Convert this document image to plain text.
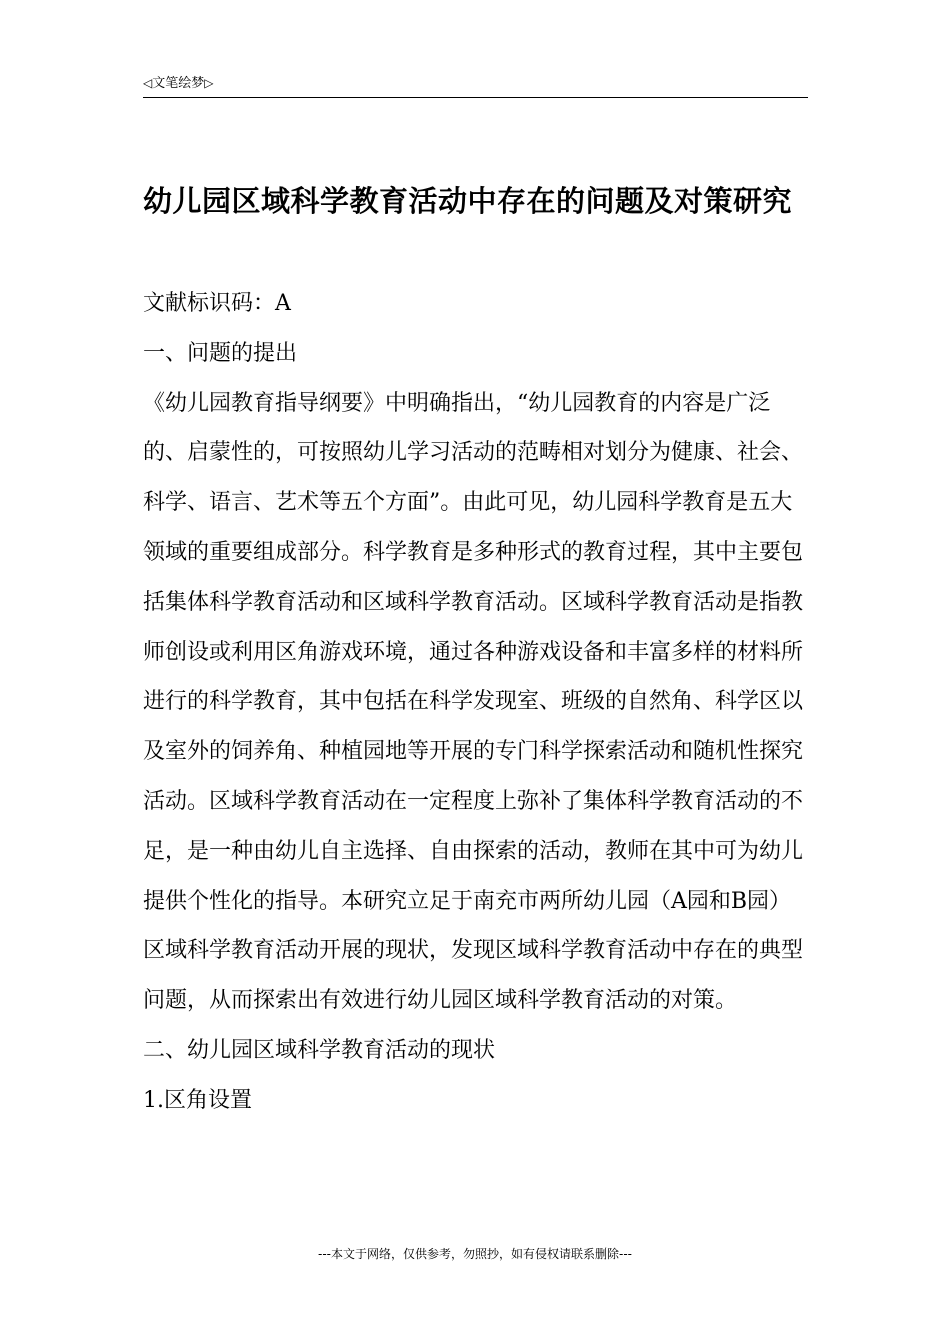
◁文笔绘梦▷
幼儿园区域科学教育活动中存在的问题及对策研究

文献标识码：A

一、问题的提出

《幼儿园教育指导纲要》中明确指出，“幼儿园教育的内容是广泛的、启蒙性的，可按照幼儿学习活动的范畴相对划分为健康、社会、科学、语言、艺术等五个方面”。由此可见，幼儿园科学教育是五大领域的重要组成部分。科学教育是多种形式的教育过程，其中主要包括集体科学教育活动和区域科学教育活动。区域科学教育活动是指教师创设或利用区角游戏环境，通过各种游戏设备和丰富多样的材料所进行的科学教育，其中包括在科学发现室、班级的自然角、科学区以及室外的饲养角、种植园地等开展的专门科学探索活动和随机性探究活动。区域科学教育活动在一定程度上弥补了集体科学教育活动的不足，是一种由幼儿自主选择、自由探索的活动，教师在其中可为幼儿提供个性化的指导。本研究立足于南充市两所幼儿园（A园和B园）区域科学教育活动开展的现状，发现区域科学教育活动中存在的典型问题，从而探索出有效进行幼儿园区域科学教育活动的对策。

二、幼儿园区域科学教育活动的现状

1.区角设置

---本文于网络，仅供参考，勿照抄，如有侵权请联系删除---
